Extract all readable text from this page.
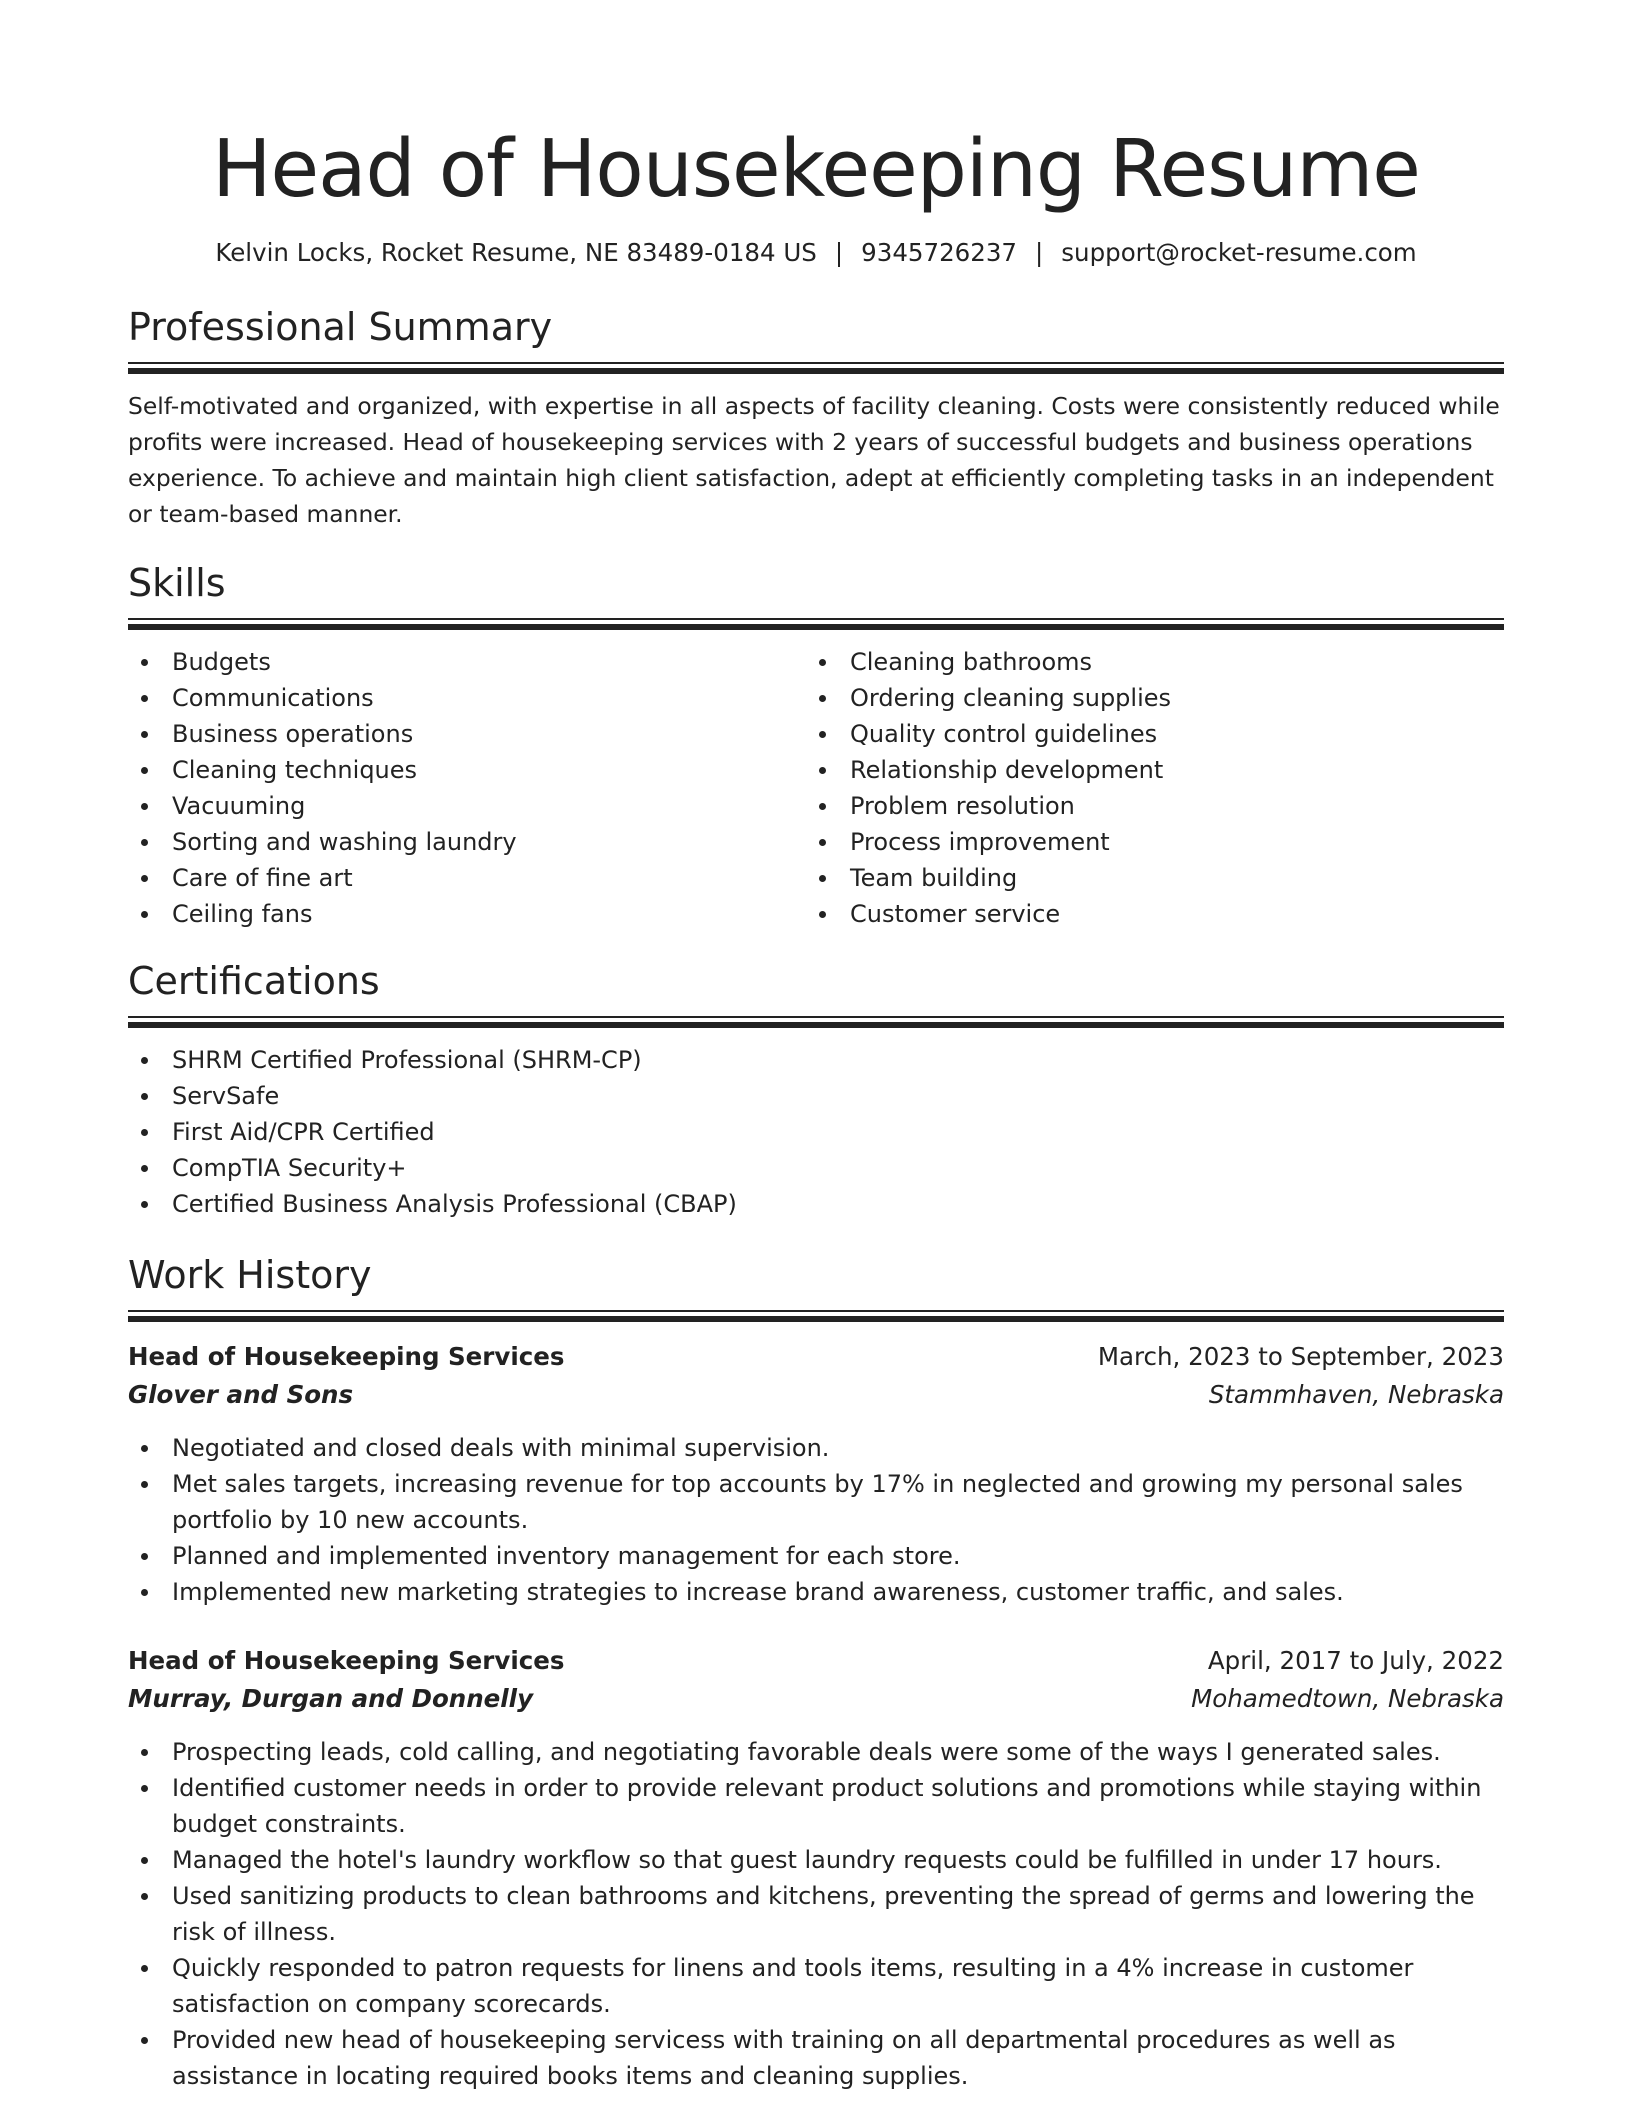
Head of Housekeeping Resume
Kelvin Locks, Rocket Resume, NE 83489-0184 US | 9345726237 | support@rocket-resume.com
Professional Summary

Self-motivated and organized, with expertise in all aspects of facility cleaning. Costs were consistently reduced while profits were increased. Head of housekeeping services with 2 years of successful budgets and business operations experience. To achieve and maintain high client satisfaction, adept at efficiently completing tasks in an independent or team-based manner.

Skills
Budgets
Communications
Business operations
Cleaning techniques
Vacuuming
Sorting and washing laundry
Care of fine art
Ceiling fans
Cleaning bathrooms
Ordering cleaning supplies
Quality control guidelines
Relationship development
Problem resolution
Process improvement
Team building
Customer service
Certifications
SHRM Certified Professional (SHRM-CP)
ServSafe
First Aid/CPR Certified
CompTIA Security+
Certified Business Analysis Professional (CBAP)
Work History
Head of Housekeeping Services	March, 2023 to September, 2023
Glover and Sons	Stammhaven, Nebraska
Negotiated and closed deals with minimal supervision.
Met sales targets, increasing revenue for top accounts by 17% in neglected and growing my personal sales portfolio by 10 new accounts.
Planned and implemented inventory management for each store.
Implemented new marketing strategies to increase brand awareness, customer traffic, and sales.
Head of Housekeeping Services	April, 2017 to July, 2022
Murray, Durgan and Donnelly	Mohamedtown, Nebraska
Prospecting leads, cold calling, and negotiating favorable deals were some of the ways I generated sales.
Identified customer needs in order to provide relevant product solutions and promotions while staying within budget constraints.
Managed the hotel's laundry workflow so that guest laundry requests could be fulfilled in under 17 hours.
Used sanitizing products to clean bathrooms and kitchens, preventing the spread of germs and lowering the risk of illness.
Quickly responded to patron requests for linens and tools items, resulting in a 4% increase in customer satisfaction on company scorecards.
Provided new head of housekeeping servicess with training on all departmental procedures as well as assistance in locating required books items and cleaning supplies.
